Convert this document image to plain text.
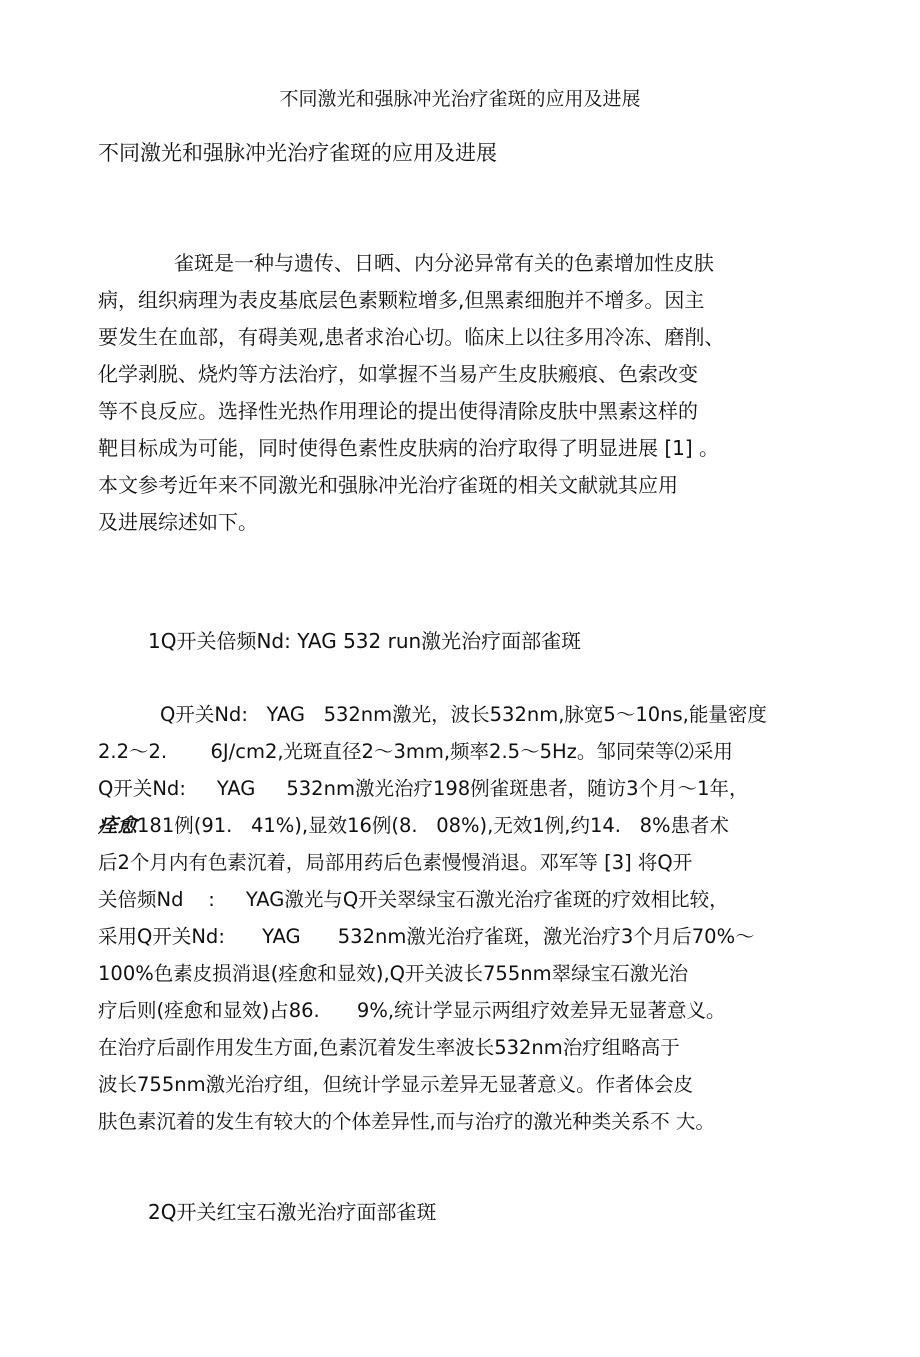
不同激光和强脉冲光治疗雀斑的应用及进展
不同激光和强脉冲光治疗雀斑的应用及进展
雀斑是一种与遗传、日晒、内分泌异常有关的色素增加性皮肤
病，组织病理为表皮基底层色素颗粒增多,但黑素细胞并不增多。因主
要发生在血部，有碍美观,患者求治心切。临床上以往多用冷冻、磨削、
化学剥脱、烧灼等方法治疗，如掌握不当易产生皮肤瘢痕、色索改变
等不良反应。选择性光热作用理论的提出使得清除皮肤中黑素这样的
靶目标成为可能，同时使得色素性皮肤病的治疗取得了明显进展 [1] 。
本文参考近年来不同激光和强脉冲光治疗雀斑的相关文献就其应用
及进展综述如下。
1Q开关倍频Nd: YAG 532 run激光治疗面部雀斑
Q开关Nd:   YAG   532nm激光，波长532nm,脉宽5～10ns,能量密度
2.2～2.       6J/cm2,光斑直径2～3mm,频率2.5～5Hz。邹同荣等⑵采用
Q开关Nd:     YAG     532nm激光治疗198例雀斑患者，随访3个月～1年，
痊愈181例(91.   41%),显效16例(8.   08%),无效1例,约14.   8%患者术
后2个月内有色素沉着，局部用药后色素慢慢消退。邓军等 [3] 将Q开
关倍频Nd    :     YAG激光与Q开关翠绿宝石激光治疗雀斑的疗效相比较，
采用Q开关Nd:      YAG      532nm激光治疗雀斑，激光治疗3个月后70%～
100%色素皮损消退(痊愈和显效),Q开关波长755nm翠绿宝石激光治
疗后则(痊愈和显效)占86.      9%,统计学显示两组疗效差异无显著意义。
在治疗后副作用发生方面,色素沉着发生率波长532nm治疗组略高于
波长755nm激光治疗组，但统计学显示差异无显著意义。作者体会皮
肤色素沉着的发生有较大的个体差异性,而与治疗的激光种类关系不 大。
2Q开关红宝石激光治疗面部雀斑
